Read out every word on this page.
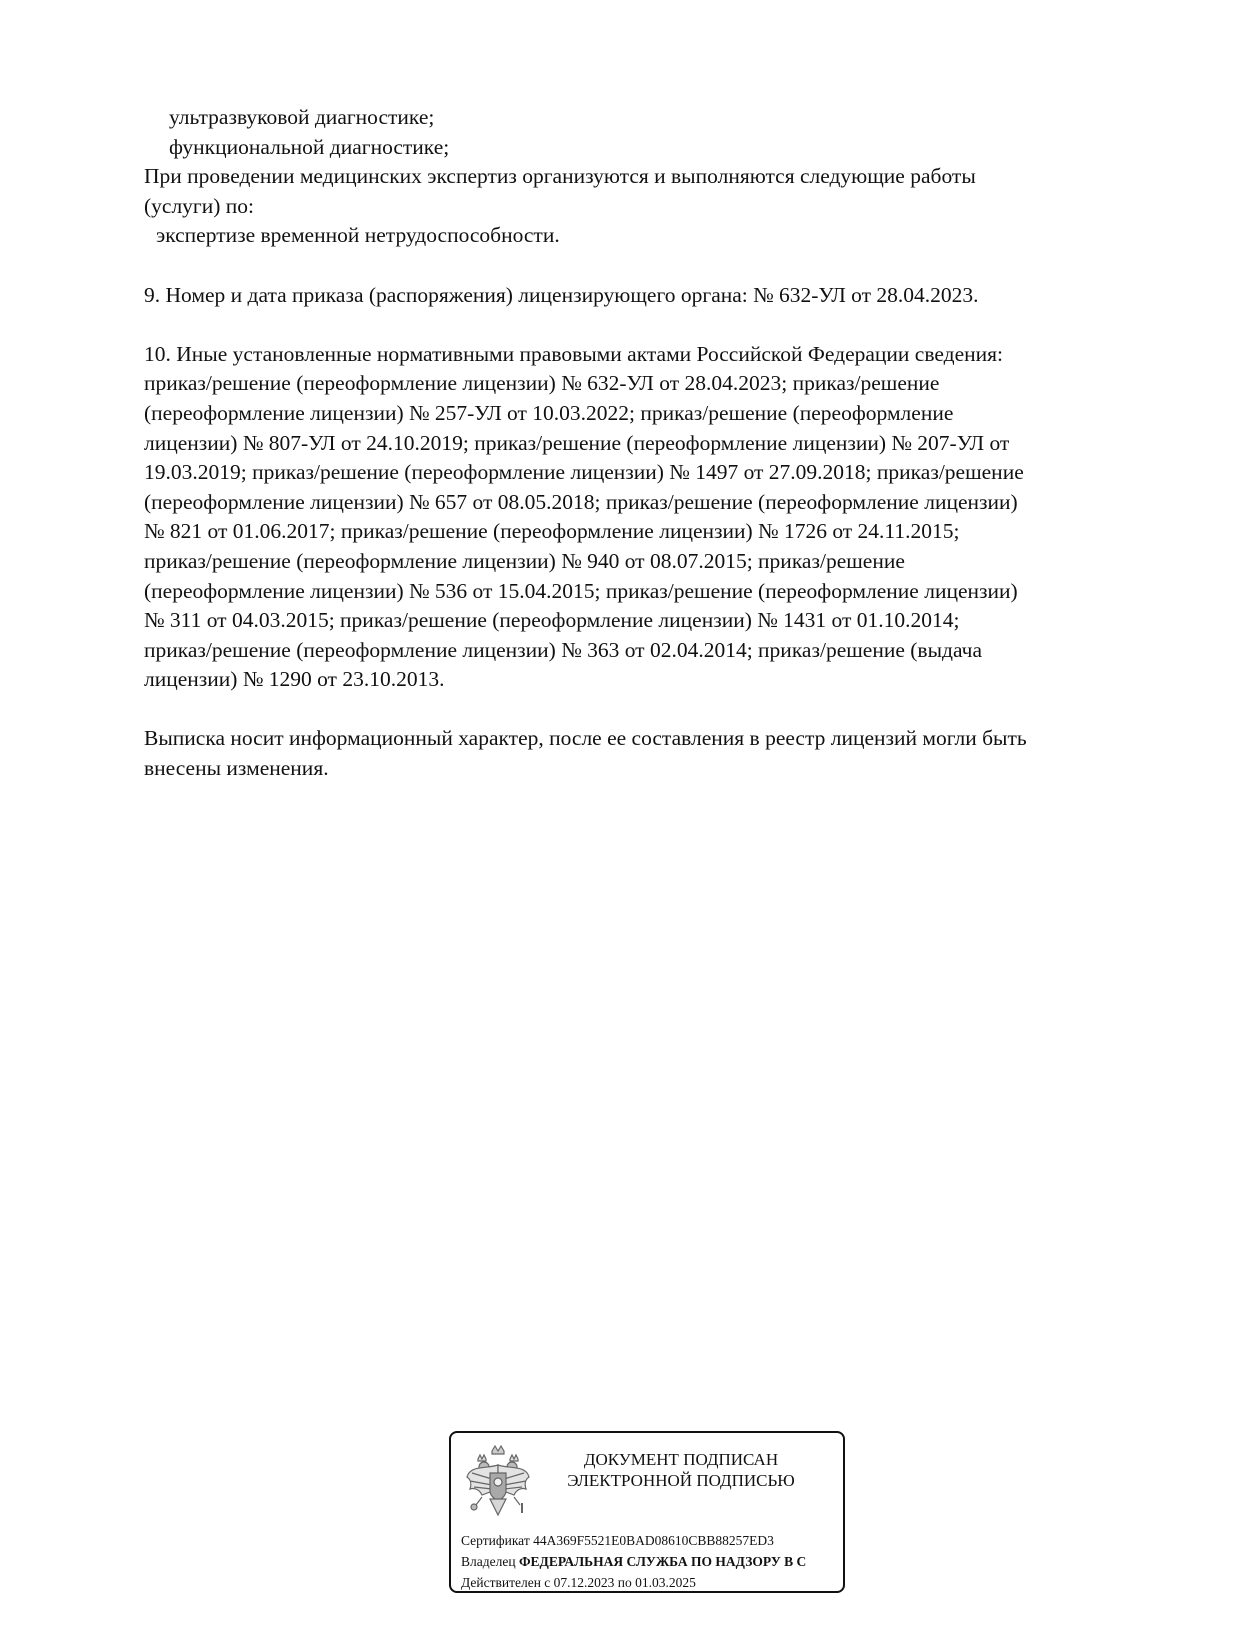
ультразвуковой диагностике;
функциональной диагностике;
При проведении медицинских экспертиз организуются и выполняются следующие работы
(услуги) по:
экспертизе временной нетрудоспособности.
9. Номер и дата приказа (распоряжения) лицензирующего органа: № 632-УЛ от 28.04.2023.
10. Иные установленные нормативными правовыми актами Российской Федерации сведения:
приказ/решение (переоформление лицензии) № 632-УЛ от 28.04.2023; приказ/решение
(переоформление лицензии) № 257-УЛ от 10.03.2022; приказ/решение (переоформление
лицензии) № 807-УЛ от 24.10.2019; приказ/решение (переоформление лицензии) № 207-УЛ от
19.03.2019; приказ/решение (переоформление лицензии) № 1497 от 27.09.2018; приказ/решение
(переоформление лицензии) № 657 от 08.05.2018; приказ/решение (переоформление лицензии)
№ 821 от 01.06.2017; приказ/решение (переоформление лицензии) № 1726 от 24.11.2015;
приказ/решение (переоформление лицензии) № 940 от 08.07.2015; приказ/решение
(переоформление лицензии) № 536 от 15.04.2015; приказ/решение (переоформление лицензии)
№ 311 от 04.03.2015; приказ/решение (переоформление лицензии) № 1431 от 01.10.2014;
приказ/решение (переоформление лицензии) № 363 от 02.04.2014; приказ/решение (выдача
лицензии) № 1290 от 23.10.2013.
Выписка носит информационный характер, после ее составления в реестр лицензий могли быть
внесены изменения.
ДОКУМЕНТ ПОДПИСАН
ЭЛЕКТРОННОЙ ПОДПИСЬЮ
Сертификат 44A369F5521E0BAD08610CBB88257ED3
Владелец ФЕДЕРАЛЬНАЯ СЛУЖБА ПО НАДЗОРУ В С
Действителен с 07.12.2023 по 01.03.2025
